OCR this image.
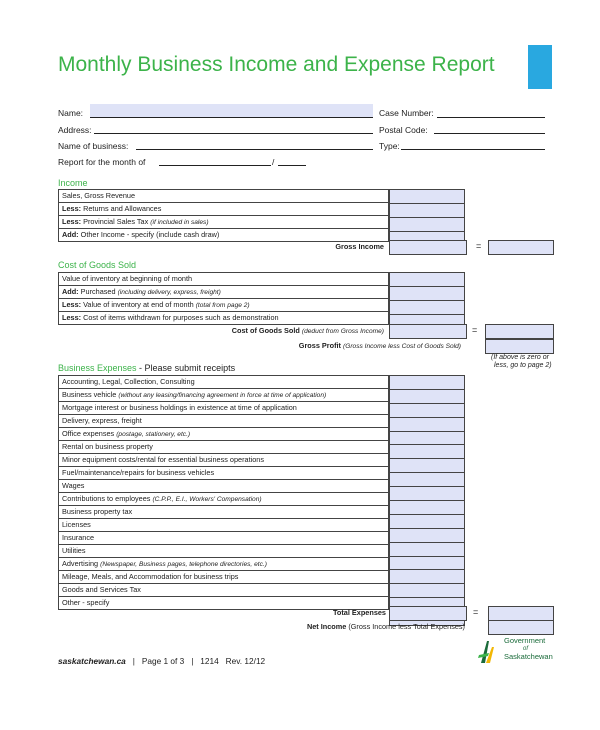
Monthly Business Income and Expense Report
Name:
Address:
Name of business:
Report for the month of	/
Case Number:
Postal Code:
Type:
Income
Sales, Gross Revenue
Less: Returns and Allowances
Less: Provincial Sales Tax (if included in sales)
Add: Other Income - specify (include cash draw)
Gross Income	=
Cost of Goods Sold
Value of inventory at beginning of month
Add: Purchased (including delivery, express, freight)
Less: Value of inventory at end of month (total from page 2)
Less: Cost of items withdrawn for purposes such as demonstration
Cost of Goods Sold (deduct from Gross Income)	=
Gross Profit (Gross Income less Cost of Goods Sold)
(If above is zero or
less, go to page 2)
Business Expenses - Please submit receipts
Accounting, Legal, Collection, Consulting
Business vehicle (without any leasing/financing agreement in force at time of application)
Mortgage interest or business holdings in existence at time of application
Delivery, express, freight
Office expenses (postage, stationery, etc.)
Rental on business property
Minor equipment costs/rental for essential business operations
Fuel/maintenance/repairs for business vehicles
Wages
Contributions to employees (C.P.P., E.I., Workers' Compensation)
Business property tax
Licenses
Insurance
Utilities
Advertising (Newspaper, Business pages, telephone directories, etc.)
Mileage, Meals, and Accommodation for business trips
Goods and Services Tax
Other - specify
Total Expenses	=
Net Income (Gross Income less Total Expenses)
saskatchewan.ca | Page 1 of 3 | 1214 Rev. 12/12
Government
of
Saskatchewan
